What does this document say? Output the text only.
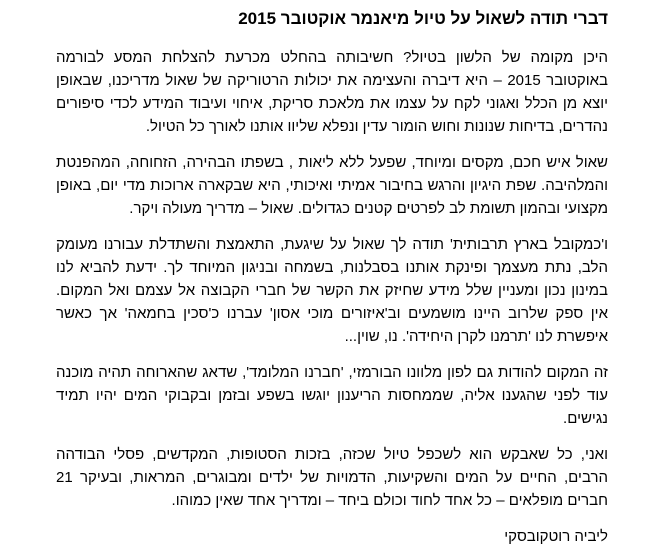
דברי תודה לשאול על טיול מיאנמר אוקטובר 2015

היכן מקומה של הלשון בטיול? חשיבותה בהחלט מכרעת להצלחת המסע לבורמה באוקטובר 2015 – היא דיברה והעצימה את יכולות הרטוריקה של שאול מדריכנו, שבאופן יוצא מן הכלל ואגוני לקח על עצמו את מלאכת סריקת, איחוי ועיבוד המידע לכדי סיפורים נהדרים, בדיחות שנונות וחוש הומור עדין ונפלא שליוו אותנו לאורך כל הטיול.

שאול איש חכם, מקסים ומיוחד, שפעל ללא ליאות , בשפתו הבהירה, הזחוחה, המהפנטת והמלהיבה. שפת היגיון והרגש בחיבור אמיתי ואיכותי, היא שבקארה ארוכות מדי יום, באופן מקצועי ובהמון תשומת לב לפרטים קטנים כגדולים. שאול – מדריך מעולה ויקר.

ו'כמקובל בארץ תרבותית' תודה לך שאול על שיגעת, התאמצת והשתדלת עבורנו מעומק הלב, נתת מעצמך ופינקת אותנו בסבלנות, בשמחה ובניגון המיוחד לך. ידעת להביא לנו במינון נכון ומעניין שלל מידע שחיזק את הקשר של חברי הקבוצה אל עצמם ואל המקום. אין ספק שלרוב היינו מושמעים וב'איזורים מוכי אסון' עברנו כ'סכין בחמאה' אך כאשר איפשרת לנו 'תרמנו לקרן היחידה'. נו, שוין...

זה המקום להודות גם לפון מלוונו הבורמזי, 'חברנו המלומד', שדאג שהארוחה תהיה מוכנה עוד לפני שהגענו אליה, שממחסות הריענון יוגשו בשפע ובזמן ובקבוקי המים יהיו תמיד נגישים.

ואני, כל שאבקש הוא לשכפל טיול שכזה, בזכות הסטופות, המקדשים, פסלי הבודהה הרבים, החיים על המים והשקיעות, הדמויות של ילדים ומבוגרים, המראות, ובעיקר 21 חברים מופלאים – כל אחד לחוד וכולם ביחד – ומדריך אחד שאין כמוהו.

ליביה רוטקובסקי
